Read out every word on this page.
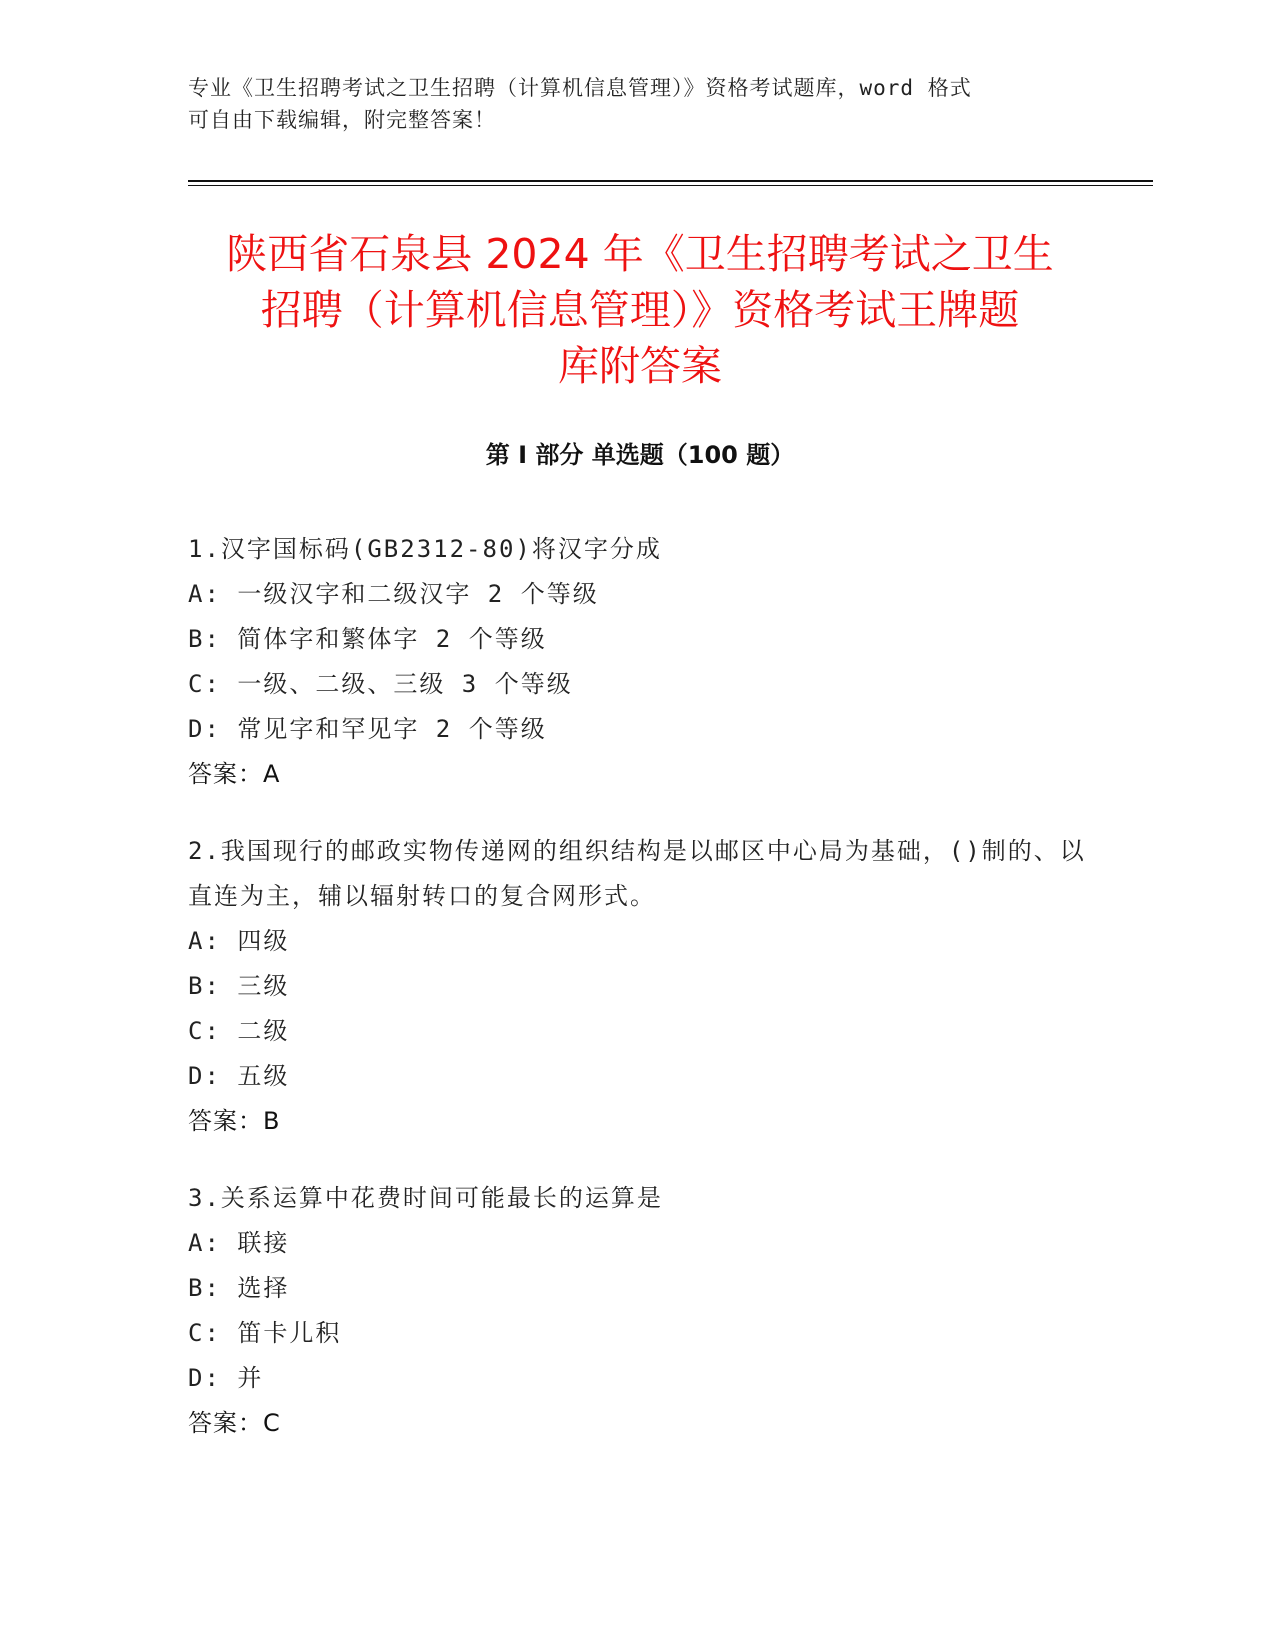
专业《卫生招聘考试之卫生招聘（计算机信息管理）》资格考试题库，word 格式
可自由下载编辑，附完整答案！
陕西省石泉县 2024 年《卫生招聘考试之卫生
招聘（计算机信息管理）》资格考试王牌题
库附答案
第 I 部分 单选题（100 题）
1.汉字国标码(GB2312-80)将汉字分成
A: 一级汉字和二级汉字 2 个等级
B: 简体字和繁体字 2 个等级
C: 一级、二级、三级 3 个等级
D: 常见字和罕见字 2 个等级
答案：A
2.我国现行的邮政实物传递网的组织结构是以邮区中心局为基础，()制的、以直连为主，辅以辐射转口的复合网形式。
A: 四级
B: 三级
C: 二级
D: 五级
答案：B
3.关系运算中花费时间可能最长的运算是
A: 联接
B: 选择
C: 笛卡儿积
D: 并
答案：C
